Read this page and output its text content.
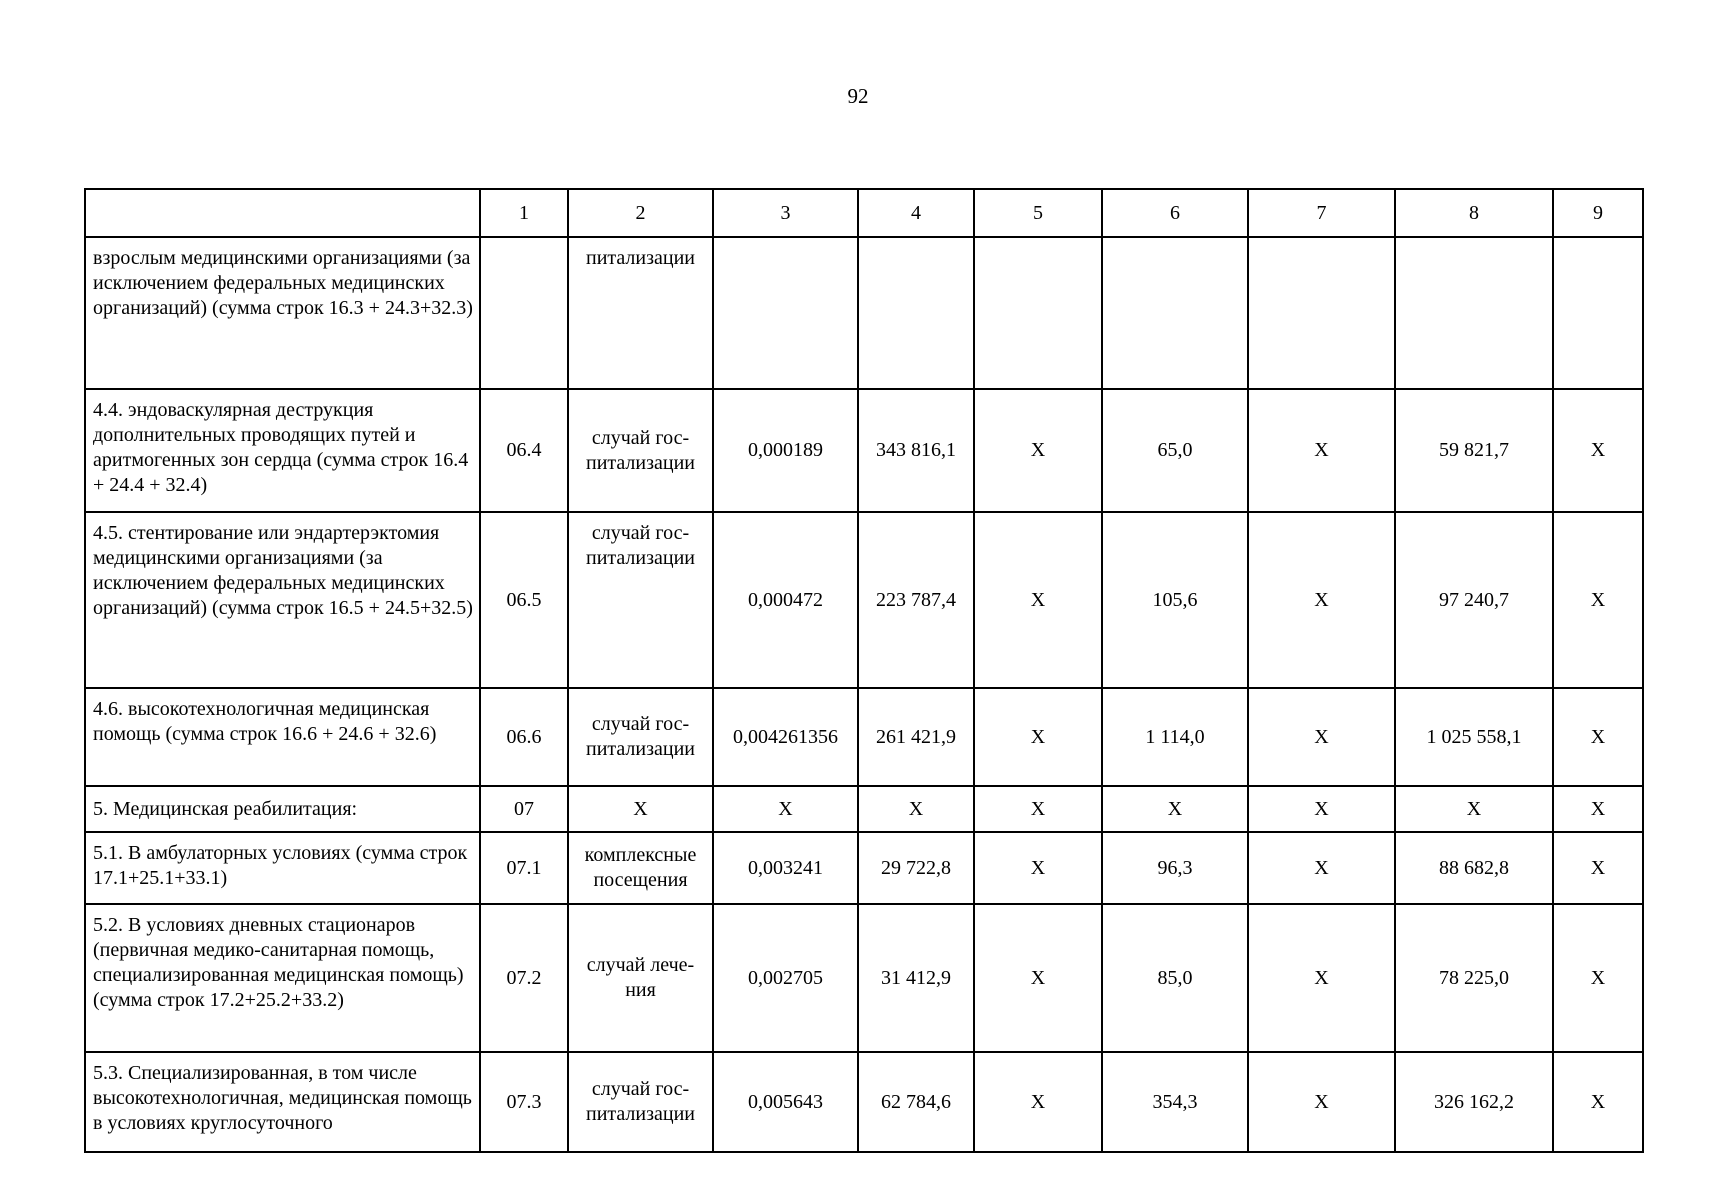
92
	1	2	3	4	5	6	7	8	9
взрослым медицинскими организациями (за исключением федеральных медицинских организаций) (сумма строк 16.3 + 24.3+32.3)		питализации							
4.4. эндоваскулярная деструкция дополнительных проводящих путей и аритмогенных зон сердца (сумма строк 16.4 + 24.4 + 32.4)	06.4	случай гос-питализации	0,000189	343 816,1	Х	65,0	Х	59 821,7	Х
4.5. стентирование или эндартерэктомия медицинскими организациями (за исключением федеральных медицинских организаций) (сумма строк 16.5 + 24.5+32.5)	06.5	случай гос-питализации	0,000472	223 787,4	Х	105,6	Х	97 240,7	Х
4.6. высокотехнологичная медицинская помощь (сумма строк 16.6 + 24.6 + 32.6)	06.6	случай гос-питализации	0,004261356	261 421,9	Х	1 114,0	Х	1 025 558,1	Х
5. Медицинская реабилитация:	07	Х	Х	Х	Х	Х	Х	Х	Х
5.1. В амбулаторных условиях (сумма строк 17.1+25.1+33.1)	07.1	комплексные посещения	0,003241	29 722,8	Х	96,3	Х	88 682,8	Х
5.2. В условиях дневных стационаров (первичная медико-санитарная помощь, специализированная медицинская помощь) (сумма строк 17.2+25.2+33.2)	07.2	случай лече-ния	0,002705	31 412,9	Х	85,0	Х	78 225,0	Х
5.3. Специализированная, в том числе высокотехнологичная, медицинская помощь в условиях круглосуточного	07.3	случай гос-питализации	0,005643	62 784,6	Х	354,3	Х	326 162,2	Х
